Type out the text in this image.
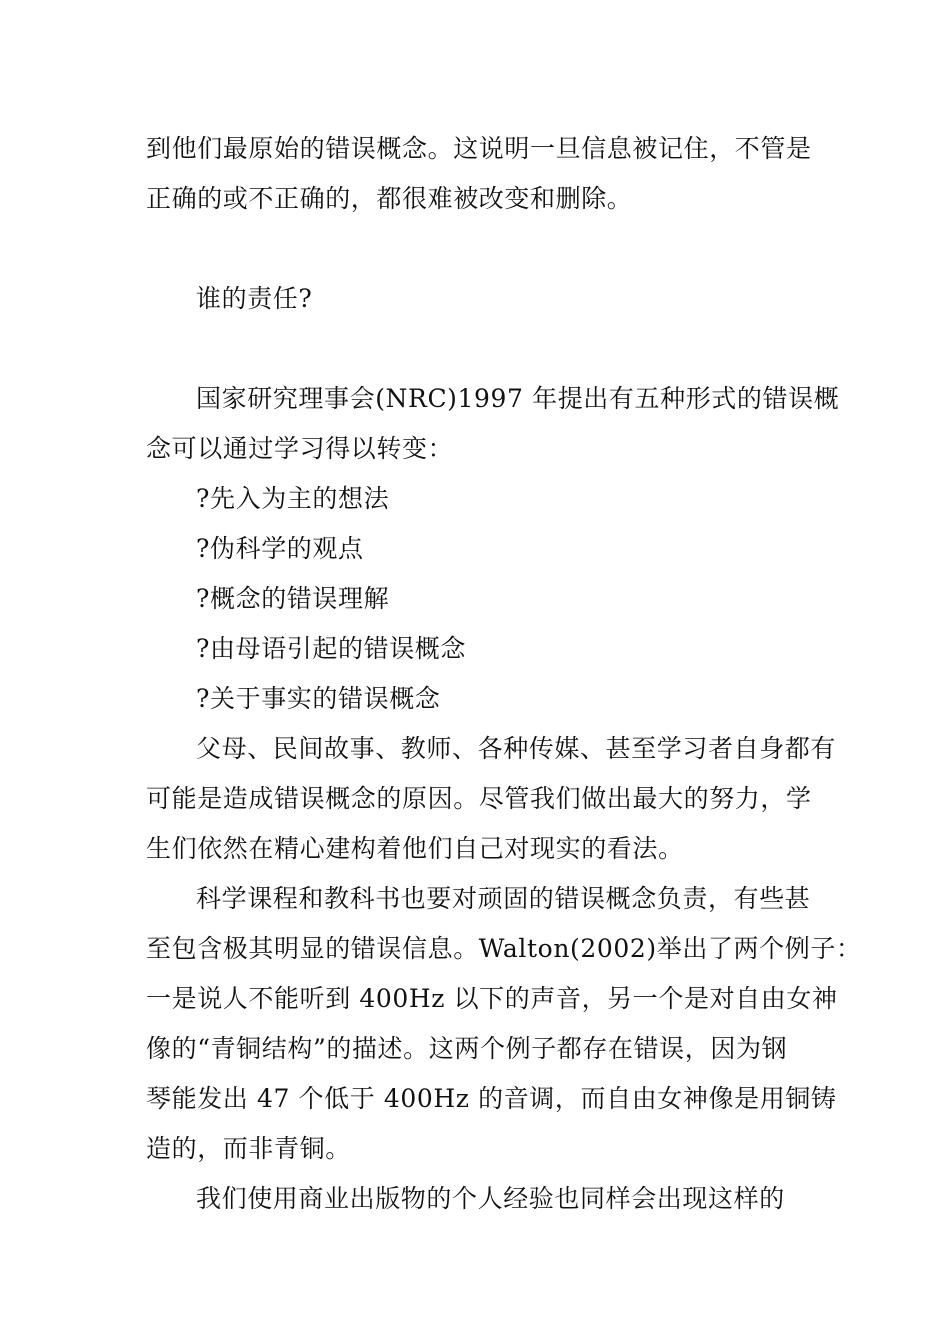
到他们最原始的错误概念。这说明一旦信息被记住，不管是
正确的或不正确的，都很难被改变和删除。
谁的责任?
国家研究理事会(NRC)1997 年提出有五种形式的错误概
念可以通过学习得以转变：
?先入为主的想法
?伪科学的观点
?概念的错误理解
?由母语引起的错误概念
?关于事实的错误概念
父母、民间故事、教师、各种传媒、甚至学习者自身都有
可能是造成错误概念的原因。尽管我们做出最大的努力，学
生们依然在精心建构着他们自己对现实的看法。
科学课程和教科书也要对顽固的错误概念负责，有些甚
至包含极其明显的错误信息。Walton(2002)举出了两个例子：
一是说人不能听到 400Hz 以下的声音，另一个是对自由女神
像的“青铜结构”的描述。这两个例子都存在错误，因为钢
琴能发出 47 个低于 400Hz 的音调，而自由女神像是用铜铸
造的，而非青铜。
我们使用商业出版物的个人经验也同样会出现这样的
